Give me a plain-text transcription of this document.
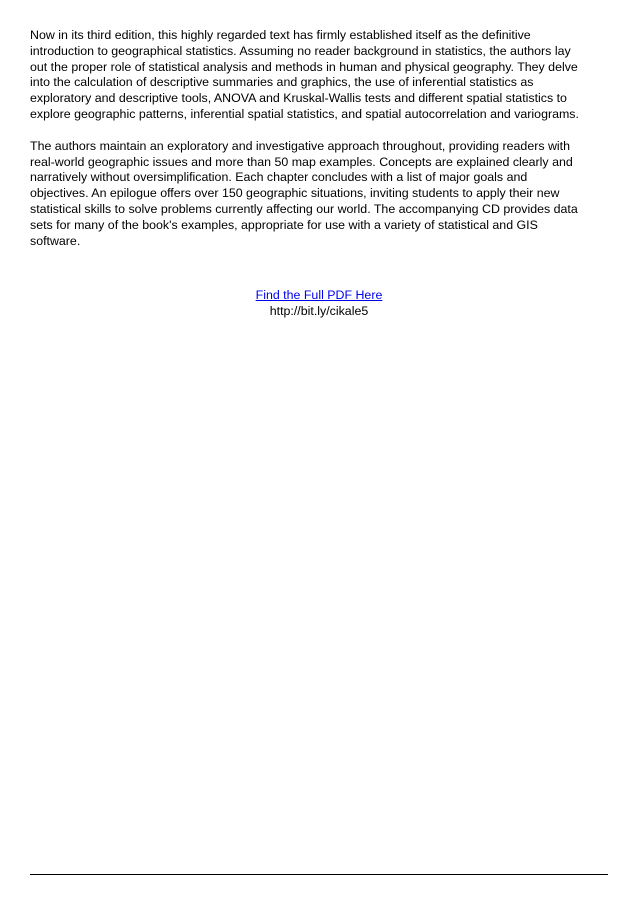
Now in its third edition, this highly regarded text has firmly established itself as the definitive
introduction to geographical statistics. Assuming no reader background in statistics, the authors lay
out the proper role of statistical analysis and methods in human and physical geography. They delve
into the calculation of descriptive summaries and graphics, the use of inferential statistics as
exploratory and descriptive tools, ANOVA and Kruskal-Wallis tests and different spatial statistics to
explore geographic patterns, inferential spatial statistics, and spatial autocorrelation and variograms.

The authors maintain an exploratory and investigative approach throughout, providing readers with
real-world geographic issues and more than 50 map examples. Concepts are explained clearly and
narratively without oversimplification. Each chapter concludes with a list of major goals and
objectives. An epilogue offers over 150 geographic situations, inviting students to apply their new
statistical skills to solve problems currently affecting our world. The accompanying CD provides data
sets for many of the book's examples, appropriate for use with a variety of statistical and GIS
software.

Find the Full PDF Here
http://bit.ly/cikale5
